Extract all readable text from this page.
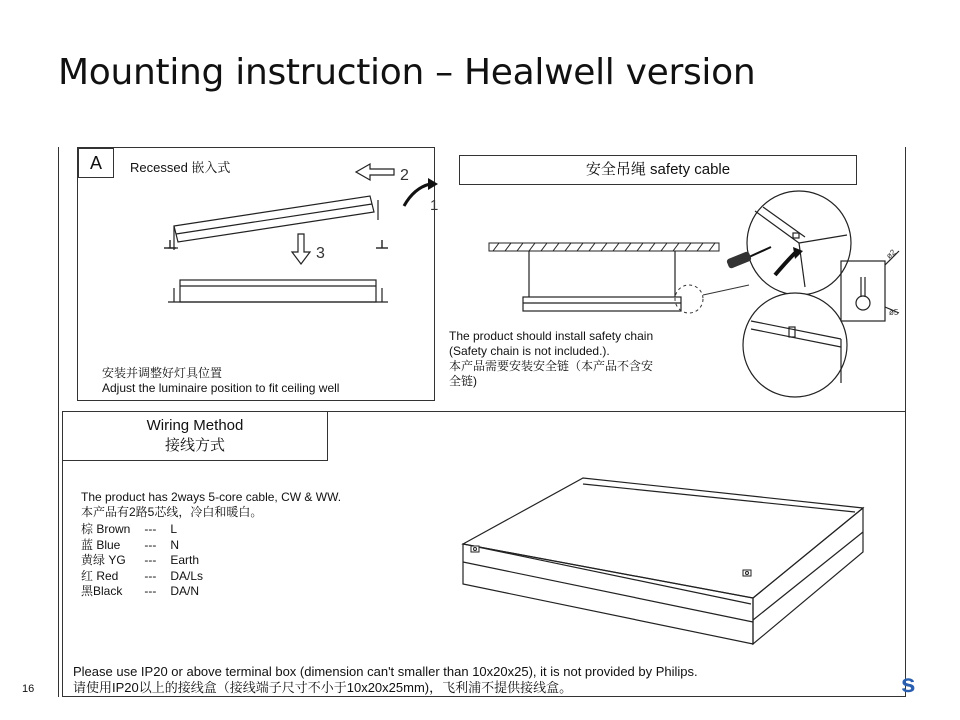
Mounting instruction – Healwell version
A	Recessed 嵌入式	2
1
3
安装并调整好灯具位置
Adjust the luminaire position to fit ceiling well
安全吊绳 safety cable
ø2
ø5
The product should install safety chain
(Safety chain is not included.).
本产品需要安装安全链（本产品不含安
全链)
Wiring Method
接线方式
The product has 2ways 5-core cable, CW & WW.
本产品有2路5芯线，冷白和暖白。
棕 Brown	---	L
蓝 Blue	---	N
黄绿 YG	---	Earth
红 Red	---	DA/Ls
黑Black	---	DA/N
Please use IP20 or above terminal box (dimension can't smaller than 10x20x25), it is not provided by Philips.
请使用IP20以上的接线盒（接线端子尺寸不小于10x20x25mm)，飞利浦不提供接线盒。
16	s
